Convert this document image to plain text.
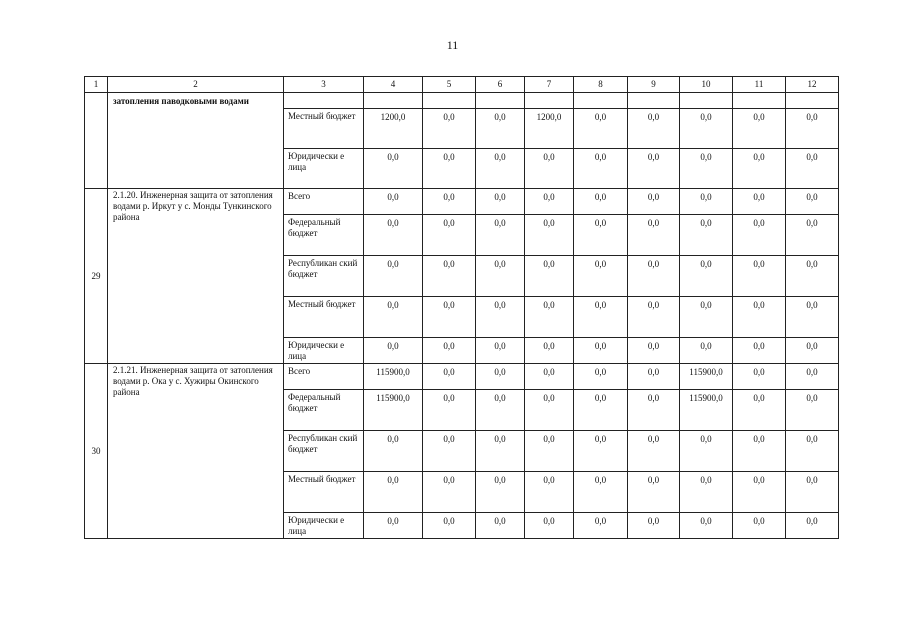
11
1	2	3	4	5	6	7	8	9	10	11	12
	затопления паводковыми водами										
		Местный бюджет	1200,0	0,0	0,0	1200,0	0,0	0,0	0,0	0,0	0,0
		Юридически е лица	0,0	0,0	0,0	0,0	0,0	0,0	0,0	0,0	0,0
29	2.1.20. Инженерная защита от затопления водами р. Иркут у с. Монды Тункинского района	Всего	0,0	0,0	0,0	0,0	0,0	0,0	0,0	0,0	0,0
		Федеральный бюджет	0,0	0,0	0,0	0,0	0,0	0,0	0,0	0,0	0,0
		Республикан ский бюджет	0,0	0,0	0,0	0,0	0,0	0,0	0,0	0,0	0,0
		Местный бюджет	0,0	0,0	0,0	0,0	0,0	0,0	0,0	0,0	0,0
		Юридически е лица	0,0	0,0	0,0	0,0	0,0	0,0	0,0	0,0	0,0
30	2.1.21. Инженерная защита от затопления водами р. Ока у с. Хужиры Окинского района	Всего	115900,0	0,0	0,0	0,0	0,0	0,0	115900,0	0,0	0,0
		Федеральный бюджет	115900,0	0,0	0,0	0,0	0,0	0,0	115900,0	0,0	0,0
		Республикан ский бюджет	0,0	0,0	0,0	0,0	0,0	0,0	0,0	0,0	0,0
		Местный бюджет	0,0	0,0	0,0	0,0	0,0	0,0	0,0	0,0	0,0
		Юридически е лица	0,0	0,0	0,0	0,0	0,0	0,0	0,0	0,0	0,0
